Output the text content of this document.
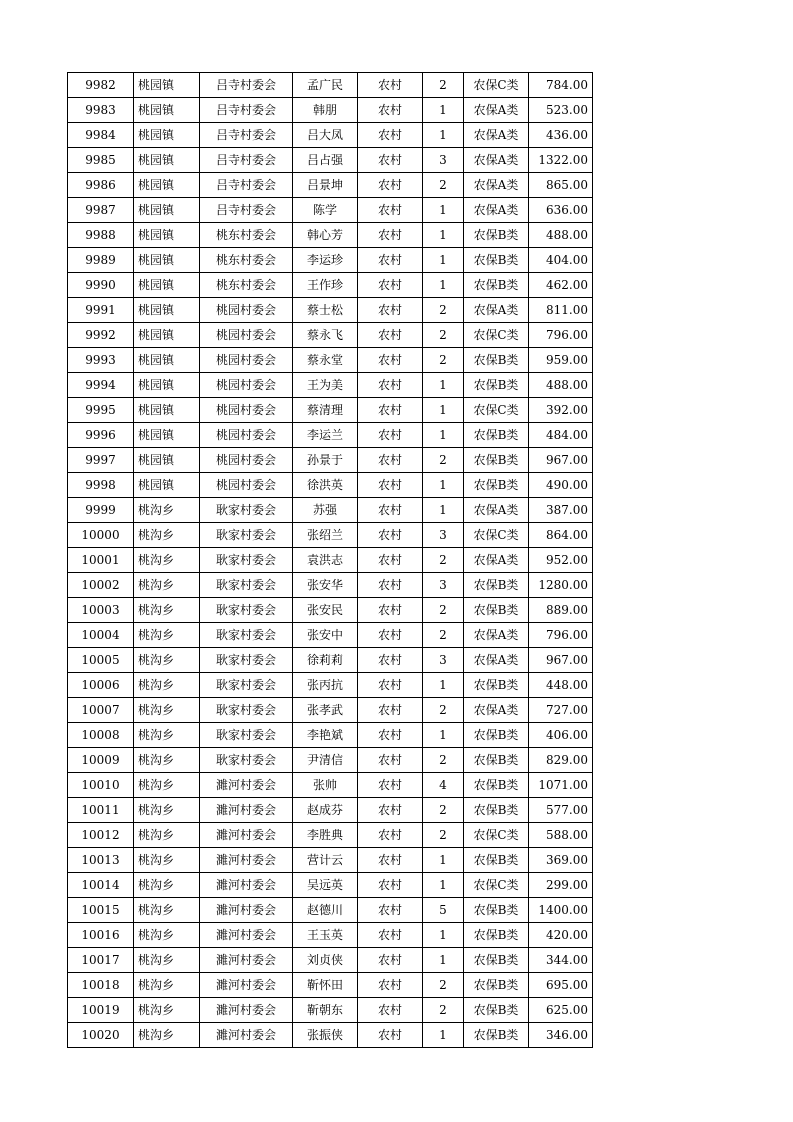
9982	桃园镇	吕寺村委会	孟广民	农村	2	农保C类	784.00
9983	桃园镇	吕寺村委会	韩朋	农村	1	农保A类	523.00
9984	桃园镇	吕寺村委会	吕大凤	农村	1	农保A类	436.00
9985	桃园镇	吕寺村委会	吕占强	农村	3	农保A类	1322.00
9986	桃园镇	吕寺村委会	吕景坤	农村	2	农保A类	865.00
9987	桃园镇	吕寺村委会	陈学	农村	1	农保A类	636.00
9988	桃园镇	桃东村委会	韩心芳	农村	1	农保B类	488.00
9989	桃园镇	桃东村委会	李运珍	农村	1	农保B类	404.00
9990	桃园镇	桃东村委会	王作珍	农村	1	农保B类	462.00
9991	桃园镇	桃园村委会	蔡士松	农村	2	农保A类	811.00
9992	桃园镇	桃园村委会	蔡永飞	农村	2	农保C类	796.00
9993	桃园镇	桃园村委会	蔡永堂	农村	2	农保B类	959.00
9994	桃园镇	桃园村委会	王为美	农村	1	农保B类	488.00
9995	桃园镇	桃园村委会	蔡清理	农村	1	农保C类	392.00
9996	桃园镇	桃园村委会	李运兰	农村	1	农保B类	484.00
9997	桃园镇	桃园村委会	孙景于	农村	2	农保B类	967.00
9998	桃园镇	桃园村委会	徐洪英	农村	1	农保B类	490.00
9999	桃沟乡	耿家村委会	苏强	农村	1	农保A类	387.00
10000	桃沟乡	耿家村委会	张绍兰	农村	3	农保C类	864.00
10001	桃沟乡	耿家村委会	袁洪志	农村	2	农保A类	952.00
10002	桃沟乡	耿家村委会	张安华	农村	3	农保B类	1280.00
10003	桃沟乡	耿家村委会	张安民	农村	2	农保B类	889.00
10004	桃沟乡	耿家村委会	张安中	农村	2	农保A类	796.00
10005	桃沟乡	耿家村委会	徐莉莉	农村	3	农保A类	967.00
10006	桃沟乡	耿家村委会	张丙抗	农村	1	农保B类	448.00
10007	桃沟乡	耿家村委会	张孝武	农村	2	农保A类	727.00
10008	桃沟乡	耿家村委会	李艳斌	农村	1	农保B类	406.00
10009	桃沟乡	耿家村委会	尹清信	农村	2	农保B类	829.00
10010	桃沟乡	濉河村委会	张帅	农村	4	农保B类	1071.00
10011	桃沟乡	濉河村委会	赵成芬	农村	2	农保B类	577.00
10012	桃沟乡	濉河村委会	李胜典	农村	2	农保C类	588.00
10013	桃沟乡	濉河村委会	营计云	农村	1	农保B类	369.00
10014	桃沟乡	濉河村委会	吴远英	农村	1	农保C类	299.00
10015	桃沟乡	濉河村委会	赵德川	农村	5	农保B类	1400.00
10016	桃沟乡	濉河村委会	王玉英	农村	1	农保B类	420.00
10017	桃沟乡	濉河村委会	刘贞侠	农村	1	农保B类	344.00
10018	桃沟乡	濉河村委会	靳怀田	农村	2	农保B类	695.00
10019	桃沟乡	濉河村委会	靳朝东	农村	2	农保B类	625.00
10020	桃沟乡	濉河村委会	张振侠	农村	1	农保B类	346.00
